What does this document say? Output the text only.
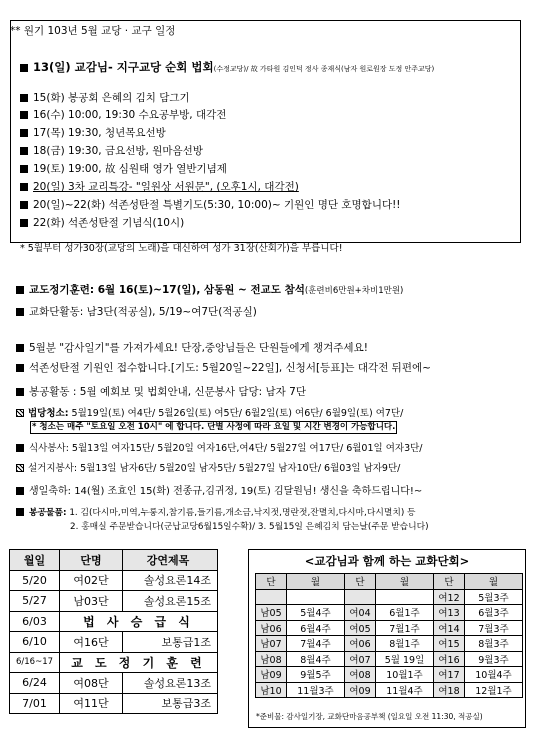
** 원기 103년 5월 교당 · 교구 일정
13(일) 교감님- 지구교당 순회 법회(수정교당)/ 故 가타원 김인덕 정사 종재식(남자 원로원장 도정 안주교당)
15(화) 봉공회 은혜의 김치 담그기
16(수) 10:00, 19:30 수요공부방, 대각전
17(목) 19:30, 청년목요선방
18(금) 19:30, 금요선방, 원마음선방
19(토) 19:00, 故 심원태 영가 열반기념제
20(일) 3차 교리특강- "일원상 서원문", (오후1시, 대각전)
20(일)~22(화) 석존성탄절 특별기도(5:30, 10:00)~ 기원인 명단 호명합니다!!
22(화) 석존성탄절 기념식(10시)
* 5월부터 성가30장(교당의 노래)을 대신하여 성가 31장(산회가)을 부릅니다!
교도정기훈련: 6월 16(토)~17(일), 삼동원 ~ 전교도 참석(훈련비6만원+차비1만원)
교화단활동: 남3단(적공실), 5/19~여7단(적공실)
5월분 "감사일기"를 가져가세요! 단장,중앙님들은 단원들에게 챙겨주세요!
석존성탄절 기원인 접수합니다.[기도: 5월20일~22일], 신청서[등표]는 대각전 뒤편에~
봉공활동 : 5월 예회보 및 법회안내, 신문봉사 담당: 남자 7단
법당청소: 5월19일(토) 여4단/ 5월26일(토) 여5단/ 6월2일(토) 여6단/ 6월9일(토) 여7단/
* 청소는 매주 "토요일 오전 10시" 에 합니다. 단별 사정에 따라 요일 및 시간 변경이 가능합니다.
식사봉사: 5월13일 여자15단/ 5월20일 여자16단,여4단/ 5월27일 여17단/ 6월01일 여자3단/
설거지봉사: 5월13일 남자6단/ 5월20일 남자5단/ 5월27일 남자10단/ 6월03일 남자9단/
생일축하: 14(월) 조효인 15(화) 전종규,김귀정, 19(토) 김달원님! 생신을 축하드립니다!~
봉공물품: 1. 김(다시마,미역,누룽지,참기름,들기름,개소금,낙지젓,명란젓,잔멸치,다시마,다시멸치) 등
2. 홍매실 주문받습니다(군납교당6월15일수확)/ 3. 5월15일 은혜김치 담는날(주문 받습니다)
월일	단명	강연제목
5/20	여02단	솔성요론14조
5/27	남03단	솔성요론15조
6/03	법 사 승 급 식	
6/10	여16단	보통급1조
6/16~17	교 도 정 기 훈 련	
6/24	여08단	솔성요론13조
7/01	여11단	보통급3조
<교감님과 함께 하는 교화단회>
단	월	단	월	단	월
				여12	5월3주
남05	5월4주	여04	6월1주	여13	6월3주
남06	6월4주	여05	7월1주	여14	7월3주
남07	7월4주	여06	8월1주	여15	8월3주
남08	8월4주	여07	5월 19일	여16	9월3주
남09	9월5주	여08	10월1주	여17	10월4주
남10	11월3주	여09	11월4주	여18	12월1주
*준비물: 감사일기장, 교화단마음공부책 (일요일 오전 11:30, 적공실)
